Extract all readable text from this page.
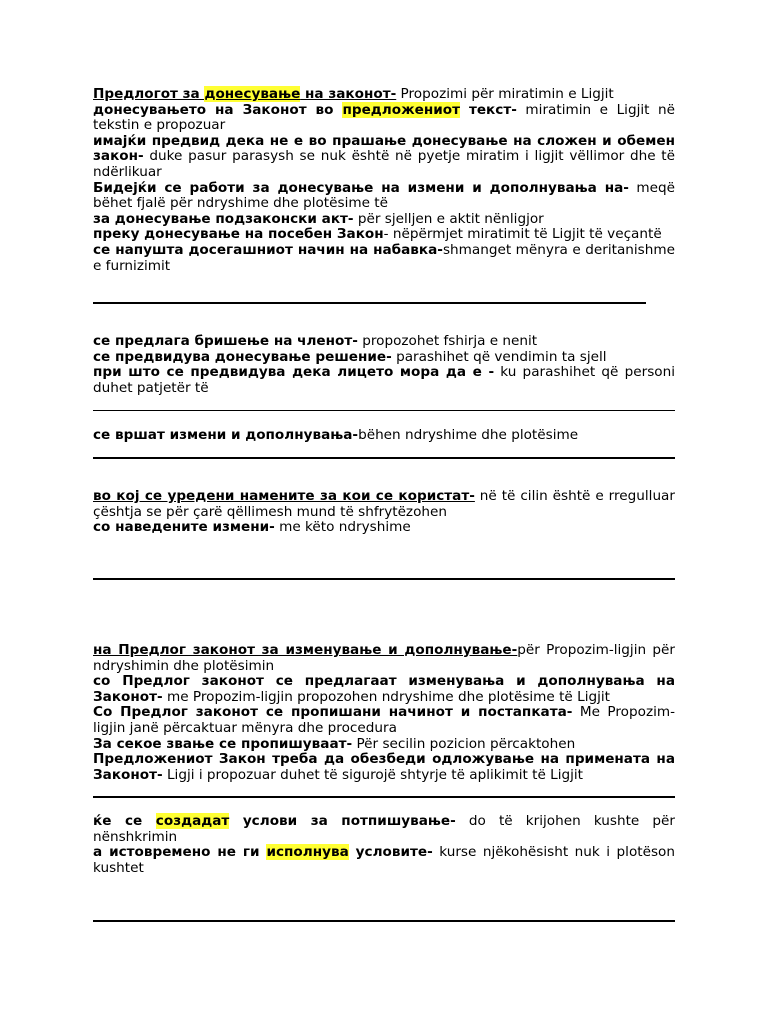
Предлогот за донесување на законот- Propozimi për miratimin e Ligjit

донесувањето на Законот во предложениот текст- miratimin e Ligjit në tekstin e propozuar

имајќи предвид дека не е во прашање донесување на сложен и обемен закон- duke pasur parasysh se nuk është në pyetje miratim i ligjit vëllimor dhe të ndërlikuar

Бидејќи се работи за донесување на измени и дополнувања на- meqë bëhet fjalë për ndryshime dhe plotësime të

за донесување подзаконски акт- për sjelljen e aktit nënligjor

преку донесување на посебен Закон- nëpërmjet miratimit të Ligjit të veçantë

се напушта досегашниот начин на набавка-shmanget mënyra e deritanishme e furnizimit

се предлага бришење на членот- propozohet fshirja e nenit

се предвидува донесување решение- parashihet që vendimin ta sjell

при што се предвидува дека лицето мора да е - ku parashihet që personi duhet patjetër të

се вршат измени и дополнувања-bëhen ndryshime dhe plotësime

во кој се уредени намените за кои се користат- në të cilin është e rregulluar çështja se për çarë qëllimesh mund të shfrytëzohen

со наведените измени- me këto ndryshime

на Предлог законот за изменување и дополнување-për Propozim-ligjin për ndryshimin dhe plotësimin

со Предлог законот се предлагаат изменувања и дополнувања на Законот- me Propozim-ligjin propozohen ndryshime dhe plotësime të Ligjit

Со Предлог законот се пропишани начинот и постапката- Me Propozim-ligjin janë përcaktuar mënyra dhe procedura

За секое звање се пропишуваат- Për secilin pozicion përcaktohen

Предложениот Закон треба да обезбеди одложување на примената на Законот- Ligji i propozuar duhet të sigurojë shtyrje të aplikimit të Ligjit

ќе се создадат услови за потпишување- do të krijohen kushte për nënshkrimin

а истовремено не ги исполнува условите- kurse njëkohësisht nuk i plotëson kushtet
